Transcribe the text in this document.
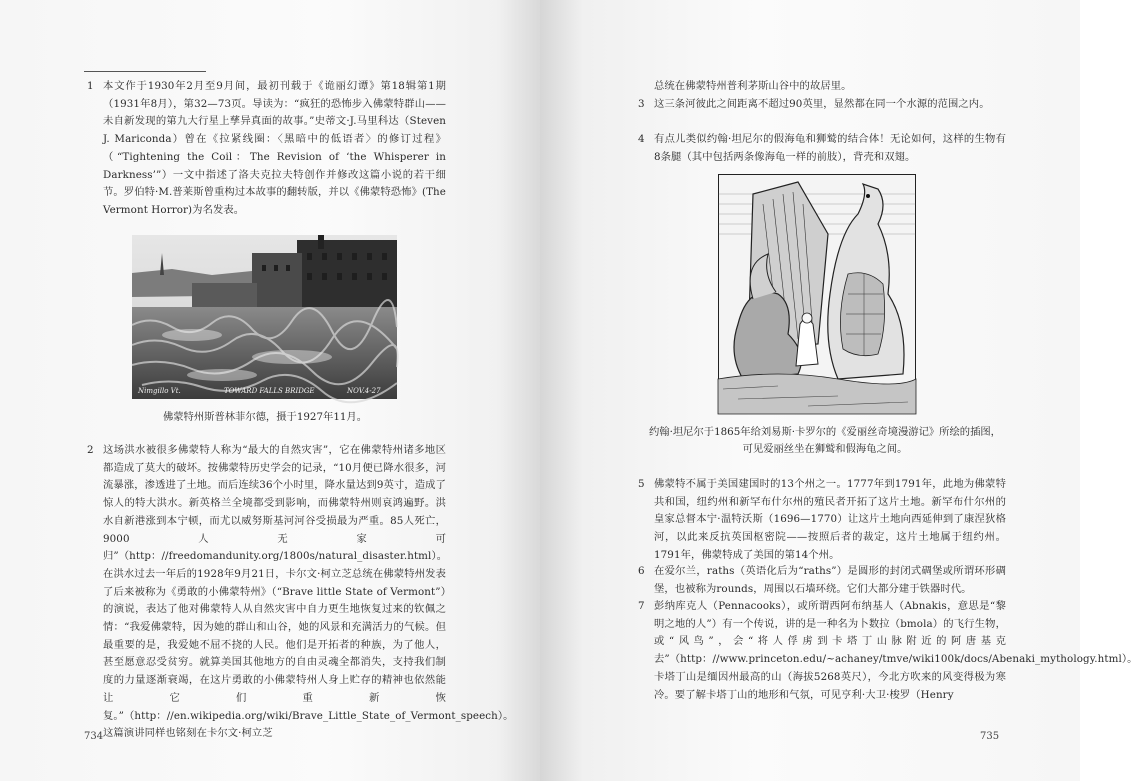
1 本文作于1930年2月至9月间，最初刊载于《诡丽幻谭》第18辑第1期（1931年8月），第32—73页。导读为：“疯狂的恐怖步入佛蒙特群山——未自新发现的第九大行星上孳异真面的故事。”史蒂文·J.马里科达（Steven J. Mariconda）曾在《拉紧线圈：〈黑暗中的低语者〉的修订过程》（“Tightening the Coil：The Revision of ‘the Whisperer in Darkness’”）一文中指述了洛夫克拉夫特创作并修改这篇小说的若干细节。罗伯特·M.普莱斯曾重构过本故事的翻转版，并以《佛蒙特恐怖》(The Vermont Horror)为名发表。

Nimgillo Vt.	TOWARD FALLS BRIDGE	NOV.4-27
佛蒙特州斯普林菲尔德，摄于1927年11月。
2 这场洪水被很多佛蒙特人称为“最大的自然灾害”，它在佛蒙特州诸多地区都造成了莫大的破坏。按佛蒙特历史学会的记录，“10月便已降水很多，河流暴涨，渗透进了土地。而后连续36个小时里，降水量达到9英寸，造成了惊人的特大洪水。新英格兰全境都受到影响，而佛蒙特州则哀鸿遍野。洪水自新港涨到本宁顿，而尤以威努斯基河河谷受损最为严重。85人死亡，9000人无家可归”（http：//freedomandunity.org/1800s/natural_disaster.html）。在洪水过去一年后的1928年9月21日，卡尔文·柯立芝总统在佛蒙特州发表了后来被称为《勇敢的小佛蒙特州》（“Brave little State of Vermont”）的演说，表达了他对佛蒙特人从自然灾害中自力更生地恢复过来的钦佩之情：“我爱佛蒙特，因为她的群山和山谷，她的风景和充满活力的气候。但最重要的是，我爱她不屈不挠的人民。他们是开拓者的种族，为了他人，甚至愿意忍受贫穷。就算美国其他地方的自由灵魂全都消失，支持我们制度的力量逐渐衰竭，在这片勇敢的小佛蒙特州人身上贮存的精神也依然能让它们重新恢复。”（http：//en.wikipedia.org/wiki/Brave_Little_State_of_Vermont_speech）。这篇演讲同样也铭刻在卡尔文·柯立芝

734

总统在佛蒙特州普利茅斯山谷中的故居里。

3 这三条河彼此之间距离不超过90英里，显然都在同一个水源的范围之内。

4 有点儿类似约翰·坦尼尔的假海龟和狮鹫的结合体！无论如何，这样的生物有8条腿（其中包括两条像海龟一样的前肢），背壳和双翅。

约翰·坦尼尔于1865年给刘易斯·卡罗尔的《爱丽丝奇境漫游记》所绘的插图，
可见爱丽丝坐在狮鹫和假海龟之间。
5 佛蒙特不属于美国建国时的13个州之一。1777年到1791年，此地为佛蒙特共和国，纽约州和新罕布什尔州的殖民者开拓了这片土地。新罕布什尔州的皇家总督本宁·温特沃斯（1696—1770）让这片土地向西延伸到了康涅狄格河，以此来反抗英国枢密院——按照后者的裁定，这片土地属于纽约州。1791年，佛蒙特成了美国的第14个州。

6 在爱尔兰，raths（英语化后为“raths”）是圆形的封闭式碉堡或所谓环形碉堡，也被称为rounds，周围以石墙环绕。它们大都分建于铁器时代。

7 彭纳库克人（Pennacooks），或所谓西阿布纳基人（Abnakis，意思是“黎明之地的人”）有一个传说，讲的是一种名为卜数拉（bmola）的飞行生物，或“风鸟”，会“将人俘虏到卡塔丁山脉附近的阿唐基克去”（http：//www.princeton.edu/~achaney/tmve/wiki100k/docs/Abenaki_mythology.html）。卡塔丁山是缅因州最高的山（海拔5268英尺），今北方吹来的风变得极为寒冷。要了解卡塔丁山的地形和气氛，可见亨利·大卫·梭罗（Henry

735
